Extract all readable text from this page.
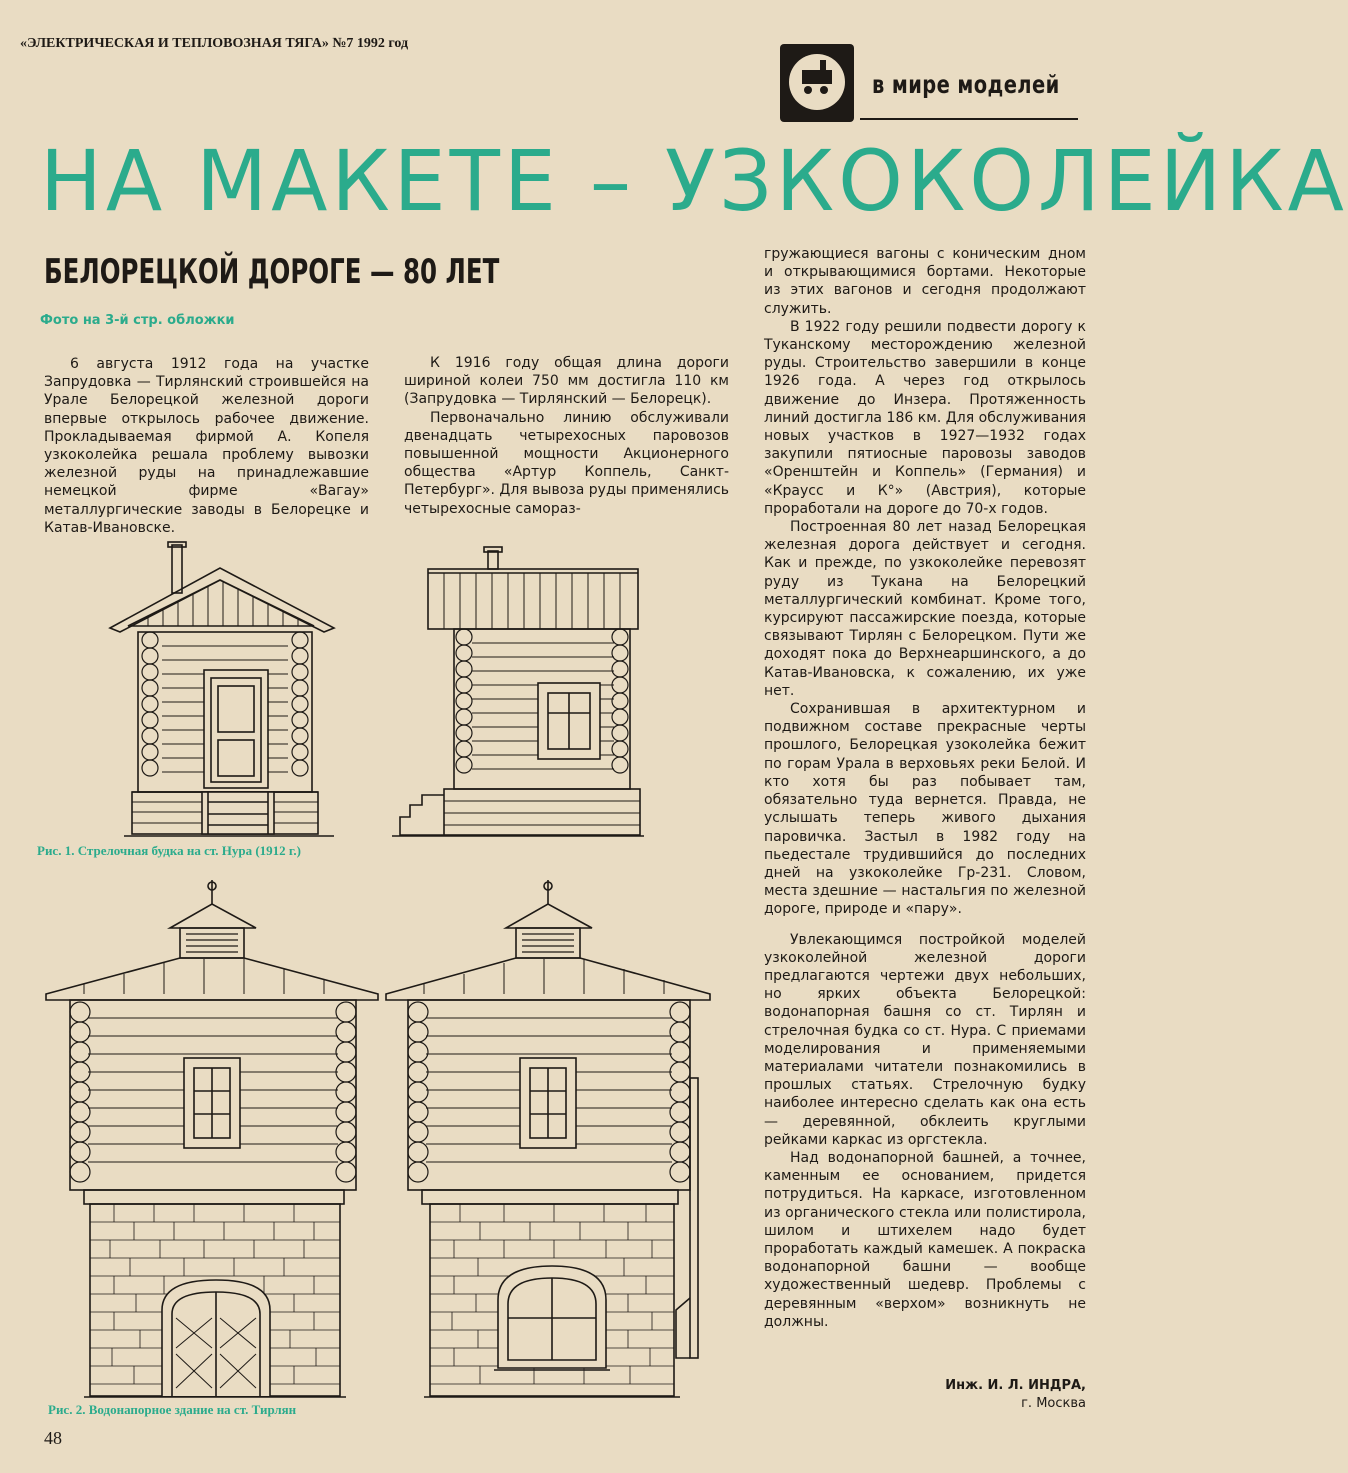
«ЭЛЕКТРИЧЕСКАЯ И ТЕПЛОВОЗНАЯ ТЯГА» №7 1992 год
в мире моделей
НА МАКЕТЕ – УЗКОКОЛЕЙКА
БЕЛОРЕЦКОЙ ДОРОГЕ — 80 ЛЕТ
Фото на 3-й стр. обложки

6 августа 1912 года на участке Запрудовка — Тирлянский строившейся на Урале Белорецкой железной дороги впервые открылось рабочее движение. Прокладываемая фирмой А. Копеля узкоколейка решала проблему вывозки железной руды на принадлежавшие немецкой фирме «Вагау» металлургические заводы в Белорецке и Катав-Ивановске.

К 1916 году общая длина дороги шириной колеи 750 мм достигла 110 км (Запрудовка — Тирлянский — Белорецк).

Первоначально линию обслуживали двенадцать четырехосных паровозов повышенной мощности Акционерного общества «Артур Коппель, Санкт-Петербург». Для вывоза руды применялись четырехосные самораз-

гружающиеся вагоны с коническим дном и открывающимися бортами. Некоторые из этих вагонов и сегодня продолжают служить.

В 1922 году решили подвести дорогу к Туканскому месторождению железной руды. Строительство завершили в конце 1926 года. А через год открылось движение до Инзера. Протяженность линий достигла 186 км. Для обслуживания новых участков в 1927—1932 годах закупили пятиосные паровозы заводов «Оренштейн и Коппель» (Германия) и «Краусс и К°» (Австрия), которые проработали на дороге до 70-х годов.

Построенная 80 лет назад Белорецкая железная дорога действует и сегодня. Как и прежде, по узкоколейке перевозят руду из Тукана на Белорецкий металлургический комбинат. Кроме того, курсируют пассажирские поезда, которые связывают Тирлян с Белорецком. Пути же доходят пока до Верхнеаршинского, а до Катав-Ивановска, к сожалению, их уже нет.

Сохранившая в архитектурном и подвижном составе прекрасные черты прошлого, Белорецкая узоколейка бежит по горам Урала в верховьях реки Белой. И кто хотя бы раз побывает там, обязательно туда вернется. Правда, не услышать теперь живого дыхания паровичка. Застыл в 1982 году на пьедестале трудившийся до последних дней на узкоколейке Гр-231. Словом, места здешние — настальгия по железной дороге, природе и «пару».

Увлекающимся постройкой моделей узкоколейной железной дороги предлагаются чертежи двух небольших, но ярких объекта Белорецкой: водонапорная башня со ст. Тирлян и стрелочная будка со ст. Нура. С приемами моделирования и применяемыми материалами читатели познакомились в прошлых статьях. Стрелочную будку наиболее интересно сделать как она есть — деревянной, обклеить круглыми рейками каркас из оргстекла.

Над водонапорной башней, а точнее, каменным ее основанием, придется потрудиться. На каркасе, изготовленном из органического стекла или полистирола, шилом и штихелем надо будет проработать каждый камешек. А покраска водонапорной башни — вообще художественный шедевр. Проблемы с деревянным «верхом» возникнуть не должны.

Рис. 1. Стрелочная будка на ст. Нура (1912 г.)
Рис. 2. Водонапорное здание на ст. Тирлян
Инж. И. Л. ИНДРА,
г. Москва
48
